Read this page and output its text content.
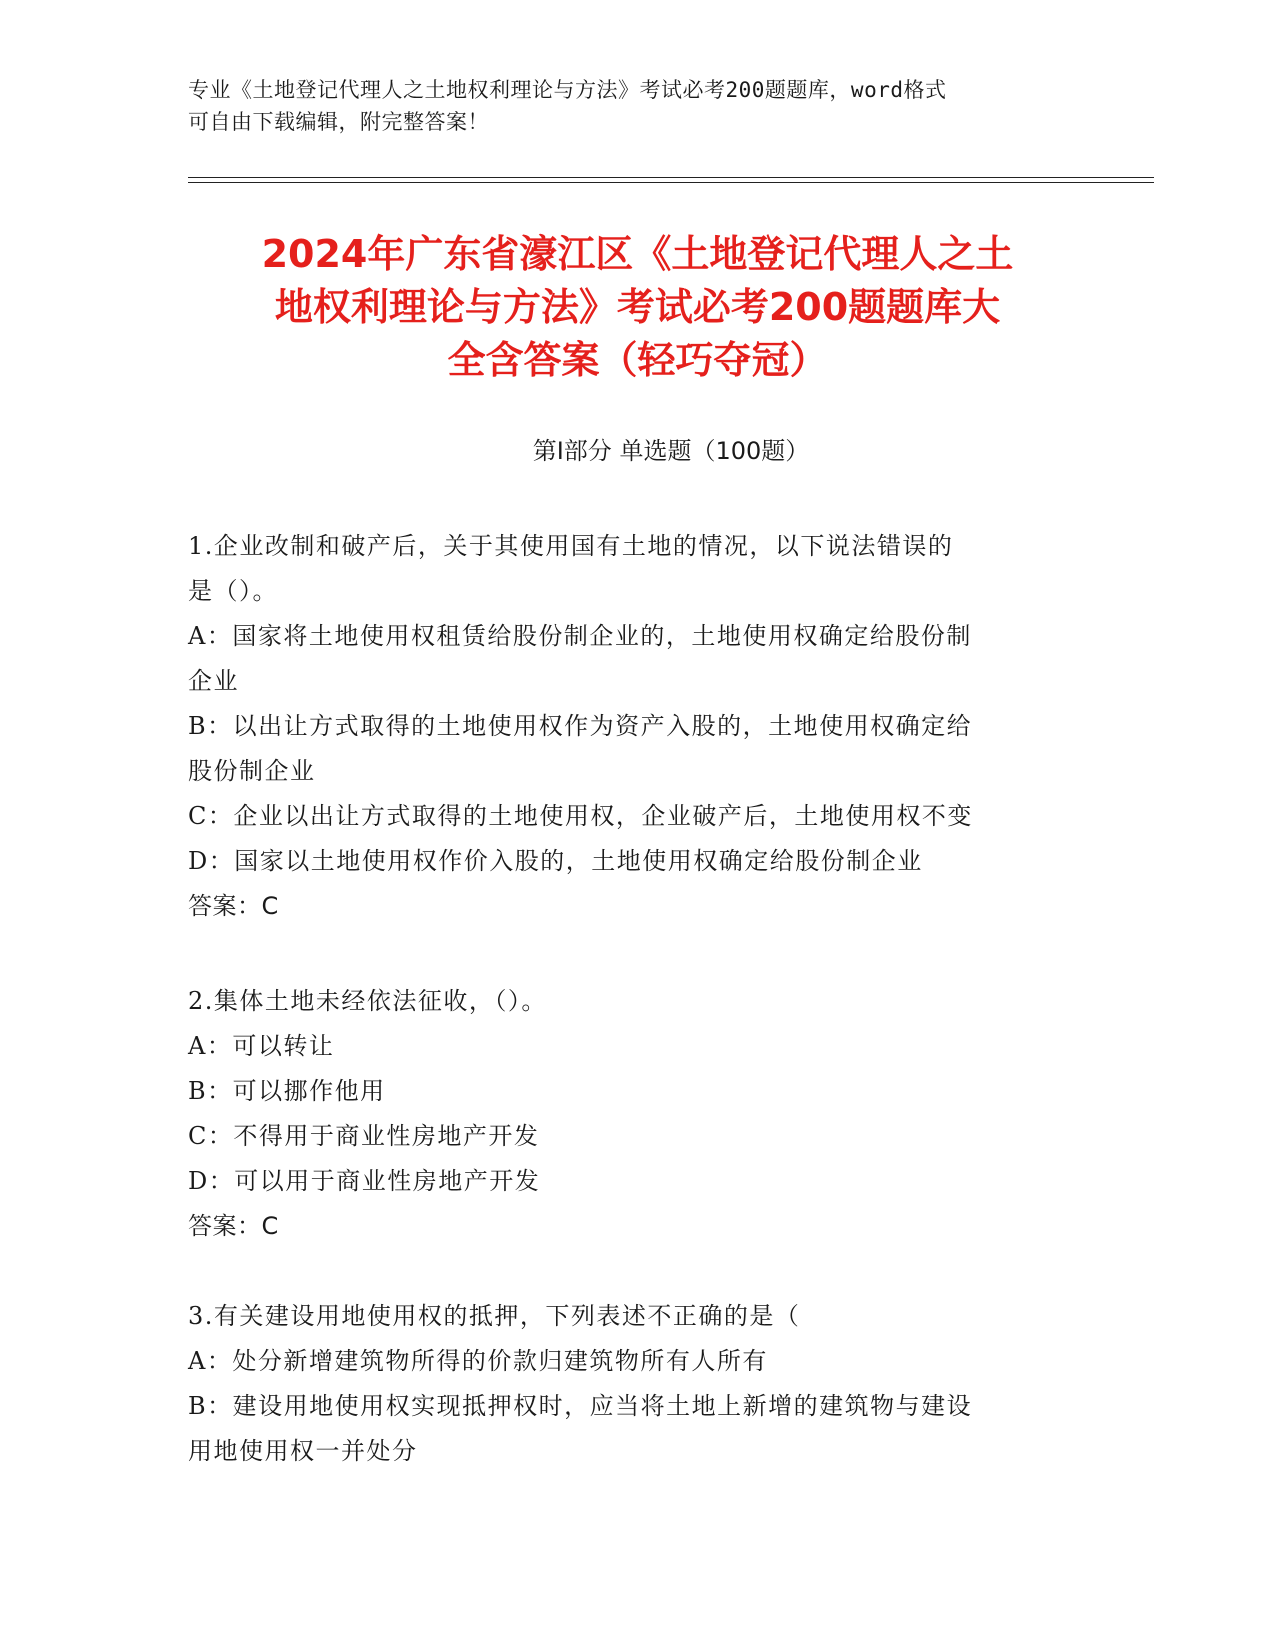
专业《土地登记代理人之土地权利理论与方法》考试必考200题题库，word格式
可自由下载编辑，附完整答案！
2024年广东省濠江区《土地登记代理人之土
地权利理论与方法》考试必考200题题库大
全含答案（轻巧夺冠）
第Ⅰ部分 单选题（100题）

1.企业改制和破产后，关于其使用国有土地的情况，以下说法错误的

是（）。

A：国家将土地使用权租赁给股份制企业的，土地使用权确定给股份制

企业

B：以出让方式取得的土地使用权作为资产入股的，土地使用权确定给

股份制企业

C：企业以出让方式取得的土地使用权，企业破产后，土地使用权不变

D：国家以土地使用权作价入股的，土地使用权确定给股份制企业

答案：C

2.集体土地未经依法征收，（）。

A：可以转让

B：可以挪作他用

C：不得用于商业性房地产开发

D：可以用于商业性房地产开发

答案：C

3.有关建设用地使用权的抵押，下列表述不正确的是（

A：处分新增建筑物所得的价款归建筑物所有人所有

B：建设用地使用权实现抵押权时，应当将土地上新增的建筑物与建设

用地使用权一并处分
